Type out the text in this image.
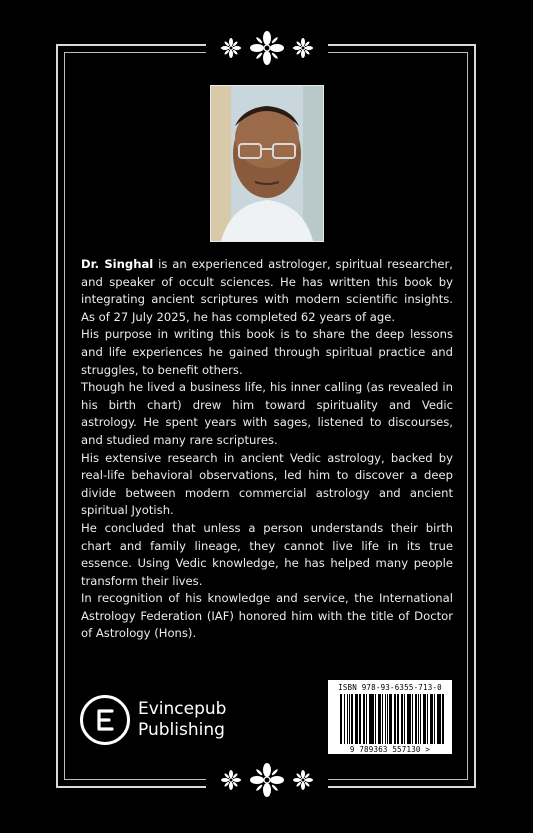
Dr. Singhal is an experienced astrologer, spiritual researcher, and speaker of occult sciences. He has written this book by integrating ancient scriptures with modern scientific insights. As of 27 July 2025, he has completed 62 years of age.

His purpose in writing this book is to share the deep lessons and life experiences he gained through spiritual practice and struggles, to benefit others.

Though he lived a business life, his inner calling (as revealed in his birth chart) drew him toward spirituality and Vedic astrology. He spent years with sages, listened to discourses, and studied many rare scriptures.

His extensive research in ancient Vedic astrology, backed by real-life behavioral observations, led him to discover a deep divide between modern commercial astrology and ancient spiritual Jyotish.

He concluded that unless a person understands their birth chart and family lineage, they cannot live life in its true essence. Using Vedic knowledge, he has helped many people transform their lives.

In recognition of his knowledge and service, the International Astrology Federation (IAF) honored him with the title of Doctor of Astrology (Hons).

Evincepub
Publishing
ISBN 978-93-6355-713-0
9 789363 557130 >
